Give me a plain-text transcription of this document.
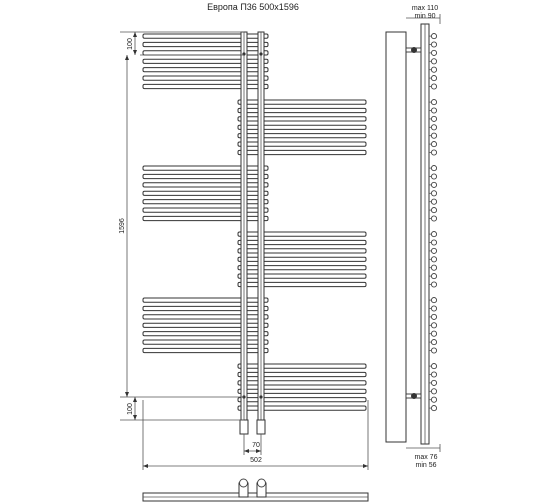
Европа П36 500x1596
100
1596
100
70
502
max 110
min 90
max 76
min 56
